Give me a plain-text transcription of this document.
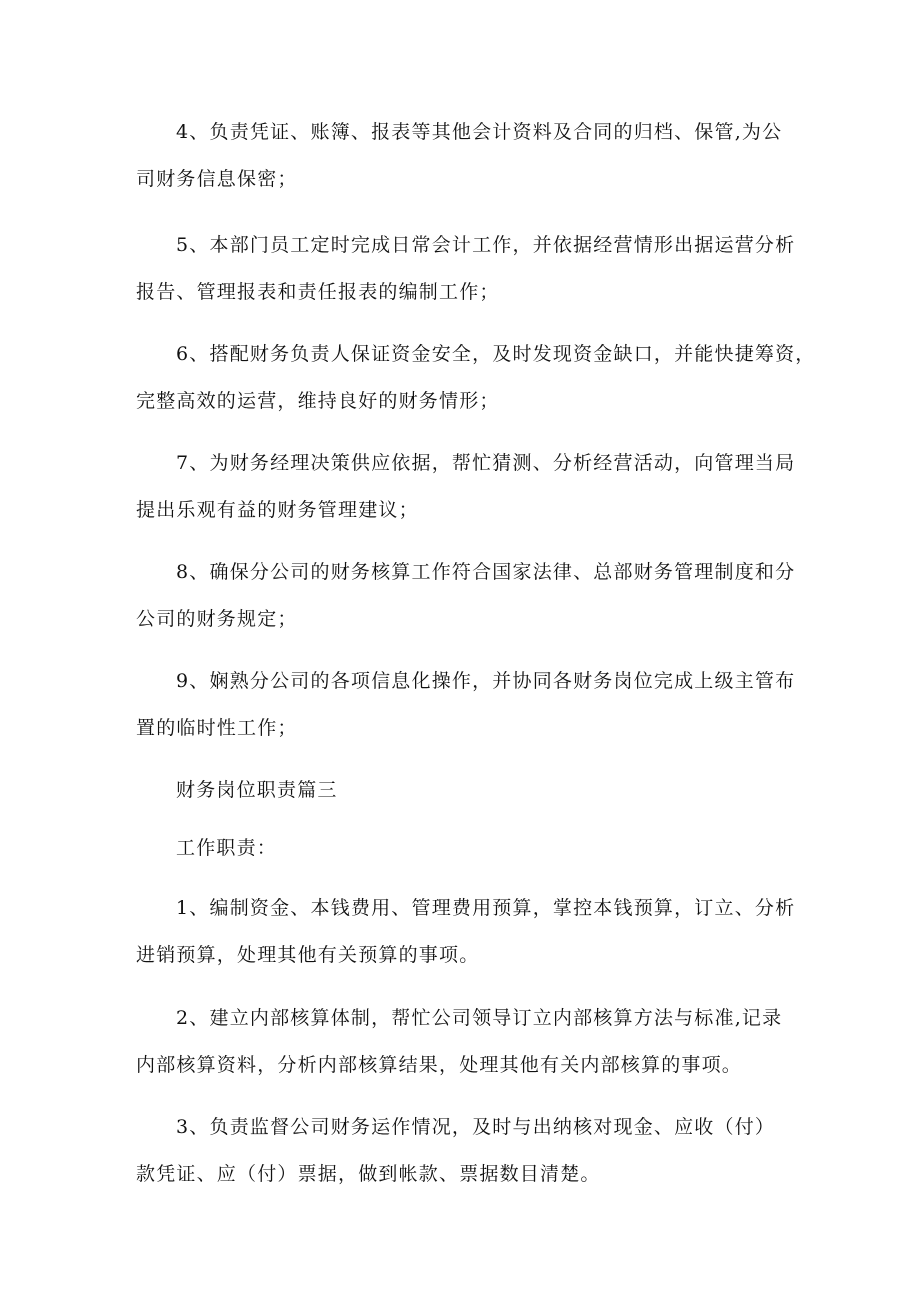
4、负责凭证、账簿、报表等其他会计资料及合同的归档、保管,为公
司财务信息保密；

5、本部门员工定时完成日常会计工作，并依据经营情形出据运营分析
报告、管理报表和责任报表的编制工作；

6、搭配财务负责人保证资金安全，及时发现资金缺口，并能快捷筹资，
完整高效的运营，维持良好的财务情形；

7、为财务经理决策供应依据，帮忙猜测、分析经营活动，向管理当局
提出乐观有益的财务管理建议；

8、确保分公司的财务核算工作符合国家法律、总部财务管理制度和分
公司的财务规定；

9、娴熟分公司的各项信息化操作，并协同各财务岗位完成上级主管布
置的临时性工作；

财务岗位职责篇三

工作职责：

1、编制资金、本钱费用、管理费用预算，掌控本钱预算，订立、分析
进销预算，处理其他有关预算的事项。

2、建立内部核算体制，帮忙公司领导订立内部核算方法与标准,记录
内部核算资料，分析内部核算结果，处理其他有关内部核算的事项。

3、负责监督公司财务运作情况，及时与出纳核对现金、应收（付）
款凭证、应（付）票据，做到帐款、票据数目清楚。
